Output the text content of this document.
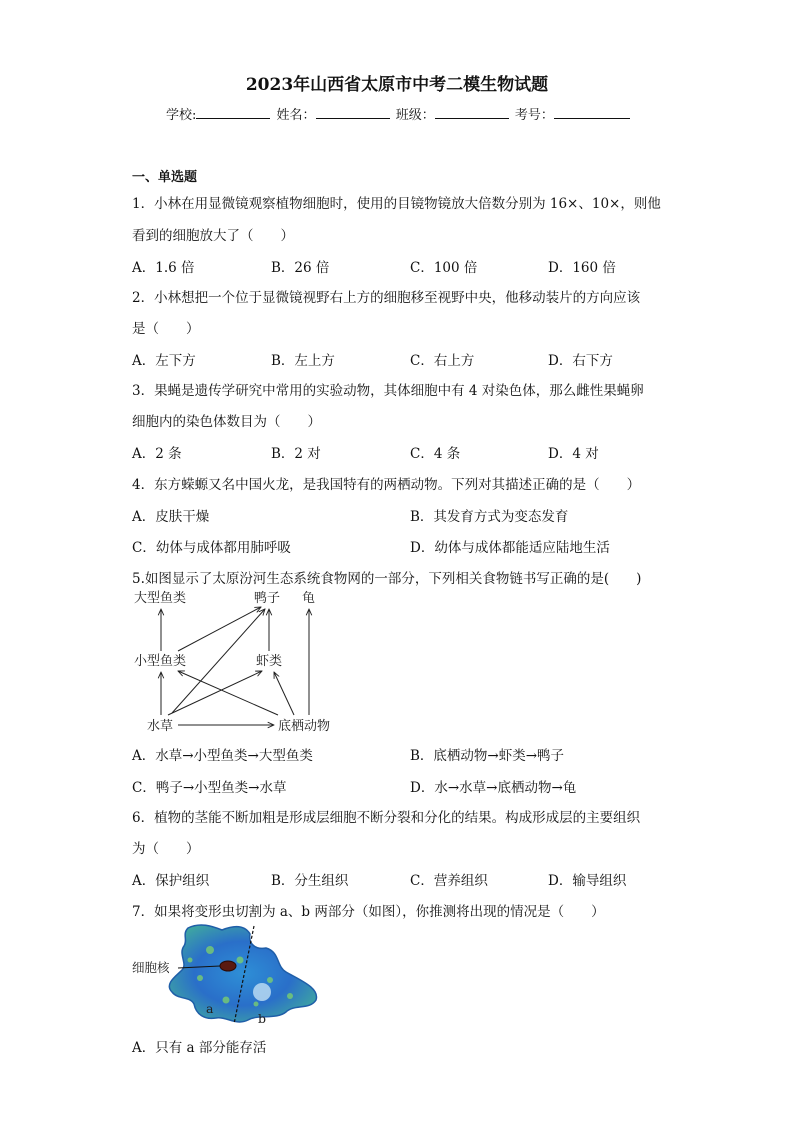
2023年山西省太原市中考二模生物试题
学校:	姓名：	班级：	考号：
一、单选题
1．小林在用显微镜观察植物细胞时，使用的目镜物镜放大倍数分别为 16×、10×，则他
看到的细胞放大了（　　）
A．1.6 倍	B．26 倍	C．100 倍	D．160 倍
2．小林想把一个位于显微镜视野右上方的细胞移至视野中央，他移动装片的方向应该
是（　　）
A．左下方	B．左上方	C．右上方	D．右下方
3．果蝇是遗传学研究中常用的实验动物，其体细胞中有 4 对染色体，那么雌性果蝇卵
细胞内的染色体数目为（　　）
A．2 条	B．2 对	C．4 条	D．4 对
4．东方蝾螈又名中国火龙，是我国特有的两栖动物。下列对其描述正确的是（　　）
A．皮肤干燥	B．其发育方式为变态发育
C．幼体与成体都用肺呼吸	D．幼体与成体都能适应陆地生活
5.如图显示了太原汾河生态系统食物网的一部分，下列相关食物链书写正确的是(　　)
大型鱼类	鸭子 龟
小型鱼类	虾类
水草	底栖动物
A．水草→小型鱼类→大型鱼类	B．底栖动物→虾类→鸭子
C．鸭子→小型鱼类→水草	D．水→水草→底栖动物→龟
6．植物的茎能不断加粗是形成层细胞不断分裂和分化的结果。构成形成层的主要组织
为（　　）
A．保护组织	B．分生组织	C．营养组织	D．输导组织
7．如果将变形虫切割为 a、b 两部分（如图），你推测将出现的情况是（　　）
细胞核
a
b
A．只有 a 部分能存活
